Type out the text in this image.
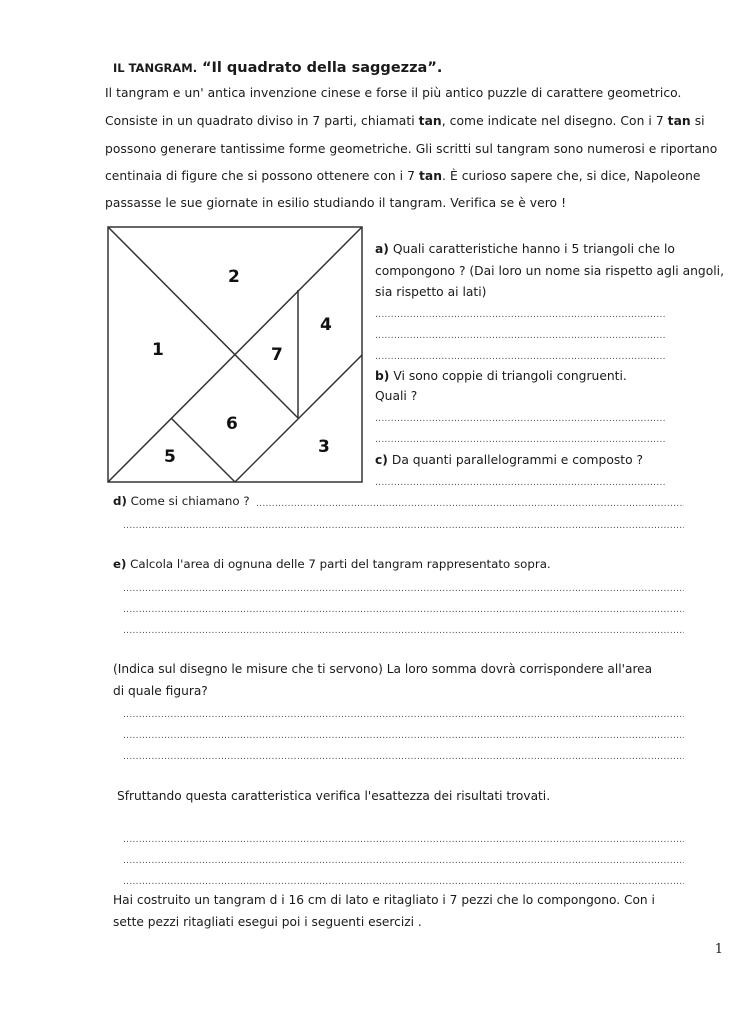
IL TANGRAM. “Il quadrato della saggezza”.
Il tangram e un' antica invenzione cinese e forse il più antico puzzle di carattere geometrico.
Consiste in un quadrato diviso in 7 parti, chiamati tan, come indicate nel disegno. Con i 7 tan si
possono generare tantissime forme geometriche. Gli scritti sul tangram sono numerosi e riportano
centinaia di figure che si possono ottenere con i 7 tan. È curioso sapere che, si dice, Napoleone
passasse le sue giornate in esilio studiando il tangram. Verifica se è vero !
1
2
3
4
5
6
7
a) Quali caratteristiche hanno i 5 triangoli che lo
compongono ? (Dai loro un nome sia rispetto agli angoli,
sia rispetto ai lati)
.....
.....
.....
b) Vi sono coppie di triangoli congruenti.
Quali ?
.....
.....
c) Da quanti parallelogrammi e composto ?
.....
d) Come si chiamano ?
.....
.....
e) Calcola l'area di ognuna delle 7 parti del tangram rappresentato sopra.
.....
.....
.....
(Indica sul disegno le misure che ti servono) La loro somma dovrà corrispondere all'area
di quale figura?
.....
.....
.....
Sfruttando questa caratteristica verifica l'esattezza dei risultati trovati.
.....
.....
.....
Hai costruito un tangram d i 16 cm di lato e ritagliato i 7 pezzi che lo compongono. Con i
sette pezzi ritagliati esegui poi i seguenti esercizi .
1
